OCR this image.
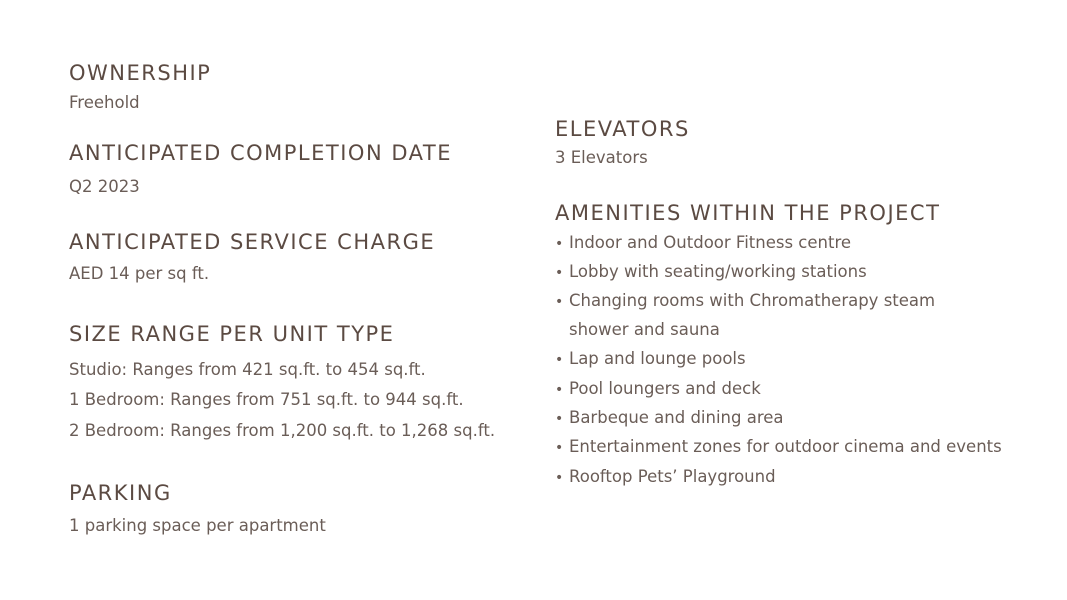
OWNERSHIP
Freehold
ANTICIPATED COMPLETION DATE
Q2 2023
ANTICIPATED SERVICE CHARGE
AED 14 per sq ft.
SIZE RANGE PER UNIT TYPE
Studio: Ranges from 421 sq.ft. to 454 sq.ft.
1 Bedroom: Ranges from 751 sq.ft. to 944 sq.ft.
2 Bedroom: Ranges from 1,200 sq.ft. to 1,268 sq.ft.
PARKING
1 parking space per apartment
ELEVATORS
3 Elevators
AMENITIES WITHIN THE PROJECT
• Indoor and Outdoor Fitness centre
• Lobby with seating/working stations
• Changing rooms with Chromatherapy steam
shower and sauna
• Lap and lounge pools
• Pool loungers and deck
• Barbeque and dining area
• Entertainment zones for outdoor cinema and events
• Rooftop Pets’ Playground
